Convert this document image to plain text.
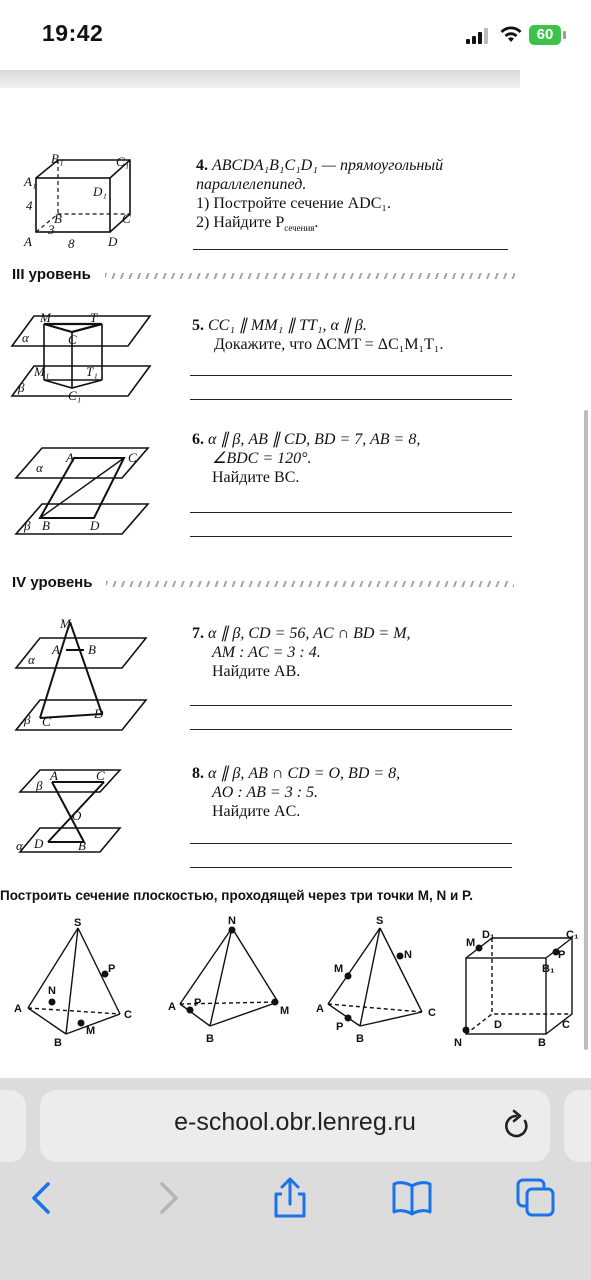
19:42	60
B₁	C₁
A₁
D₁
B	C
A	D
4
3
8
4. ABCDA₁B₁C₁D₁ — прямоугольный параллелепипед.
1) Постройте сечение ADC₁.
2) Найдите $P_{сечения}$.
III уровень
M	T
C
α
M₁	T₁
C₁
β
5. CC₁ ∥ MM₁ ∥ TT₁, α ∥ β.
Докажите, что ΔCMT = ΔC₁M₁T₁.
α
A	C
β B	D
6. α ∥ β, AB ∥ CD, BD = 7, AB = 8,
∠BDC = 120°.
Найдите BC.
IV уровень
M
A B
α
β C
D
7. α ∥ β, CD = 56, AC ∩ BD = M,
AM : AC = 3 : 4.
Найдите AB.
β
A	C
O
α D	B
8. α ∥ β, AB ∩ CD = O, BD = 8,
AO : AB = 3 : 5.
Найдите AC.
Построить сечение плоскостью, проходящей через три точки M, N и P.
S
P
N
A	C
M
B
N
A P
M
B
S
N
M
A
P
C
B
D₁	C₁
M
B₁
P
D	C
N	B
e-school.obr.lenreg.ru
